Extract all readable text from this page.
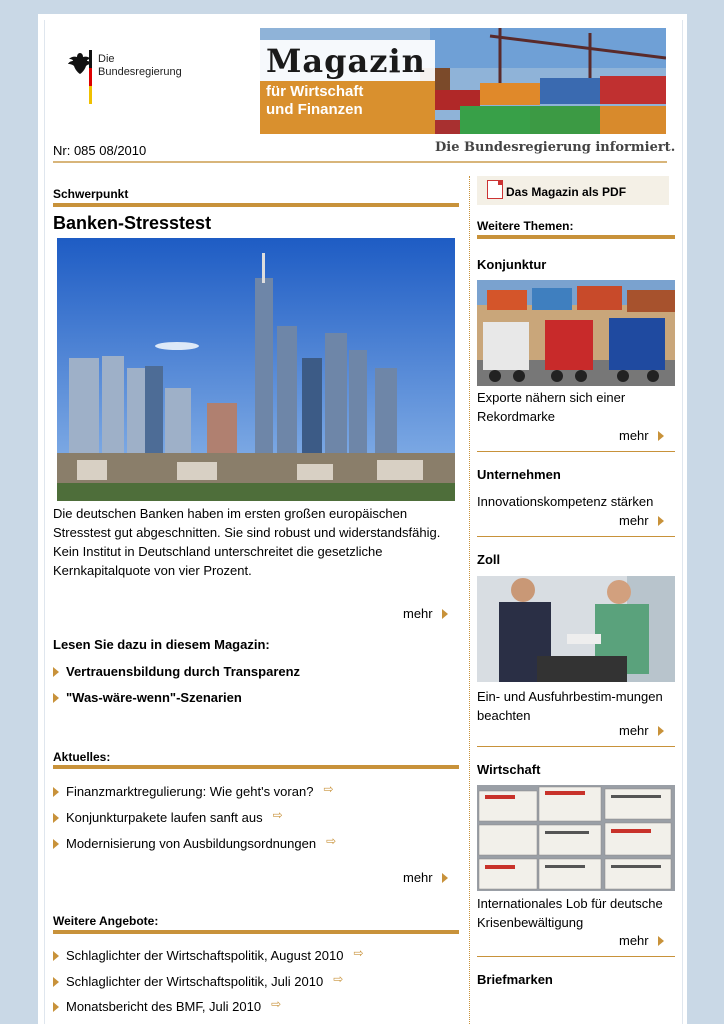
Die
Bundesregierung	Magazin
für Wirtschaft
und Finanzen
Nr: 085 08/2010	Die Bundesregierung informiert.
Schwerpunkt
Banken-Stresstest
Die deutschen Banken haben im ersten großen europäischen Stresstest gut abgeschnitten. Sie sind robust und widerstandsfähig.
Kein Institut in Deutschland unterschreitet die gesetzliche Kernkapitalquote von vier Prozent.
mehr
Lesen Sie dazu in diesem Magazin:
Vertrauensbildung durch Transparenz
"Was-wäre-wenn"-Szenarien
Aktuelles:
Finanzmarktregulierung: Wie geht's voran? ⇨
Konjunkturpakete laufen sanft aus ⇨
Modernisierung von Ausbildungsordnungen ⇨
mehr
Weitere Angebote:
Schlaglichter der Wirtschaftspolitik, August 2010 ⇨
Schlaglichter der Wirtschaftspolitik, Juli 2010 ⇨
Monatsbericht des BMF, Juli 2010 ⇨
Das Magazin als PDF
Weitere Themen:
Konjunktur
Exporte nähern sich einer Rekordmarke
mehr
Unternehmen
Innovationskompetenz stärken
mehr
Zoll
Ein- und Ausfuhrbestim-mungen beachten
mehr
Wirtschaft
Internationales Lob für deutsche Krisenbewältigung
mehr
Briefmarken
